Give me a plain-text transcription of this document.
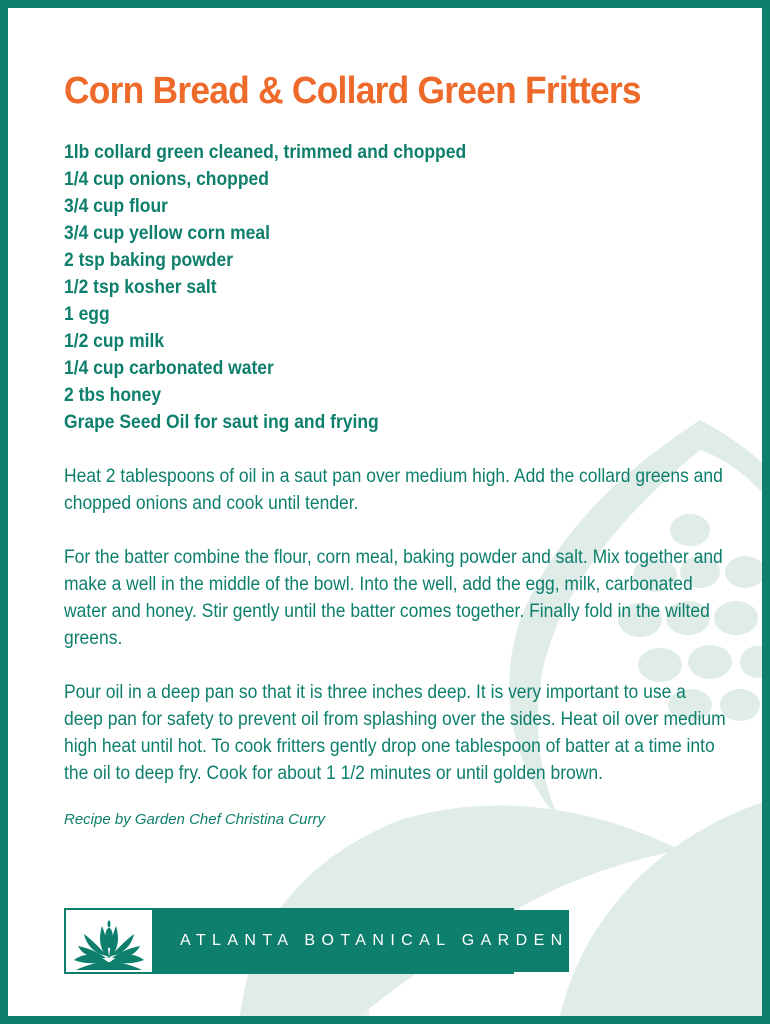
Corn Bread & Collard Green Fritters
1lb collard green cleaned, trimmed and chopped
1/4 cup onions, chopped
3/4 cup flour
3/4 cup yellow corn meal
2 tsp baking powder
1/2 tsp kosher salt
1 egg
1/2 cup milk
1/4 cup carbonated water
2 tbs honey
Grape Seed Oil for saut ing and frying

Heat 2 tablespoons of oil in a saut pan over medium high. Add the collard greens and chopped onions and cook until tender.

For the batter combine the flour, corn meal, baking powder and salt. Mix together and make a well in the middle of the bowl. Into the well, add the egg, milk, carbonated water and honey. Stir gently until the batter comes together. Finally fold in the wilted greens.

Pour oil in a deep pan so that it is three inches deep. It is very important to use a deep pan for safety to prevent oil from splashing over the sides. Heat oil over medium high heat until hot. To cook fritters gently drop one tablespoon of batter at a time into the oil to deep fry. Cook for about 1 1/2 minutes or until golden brown.

Recipe by Garden Chef Christina Curry
ATLANTA BOTANICAL GARDEN
